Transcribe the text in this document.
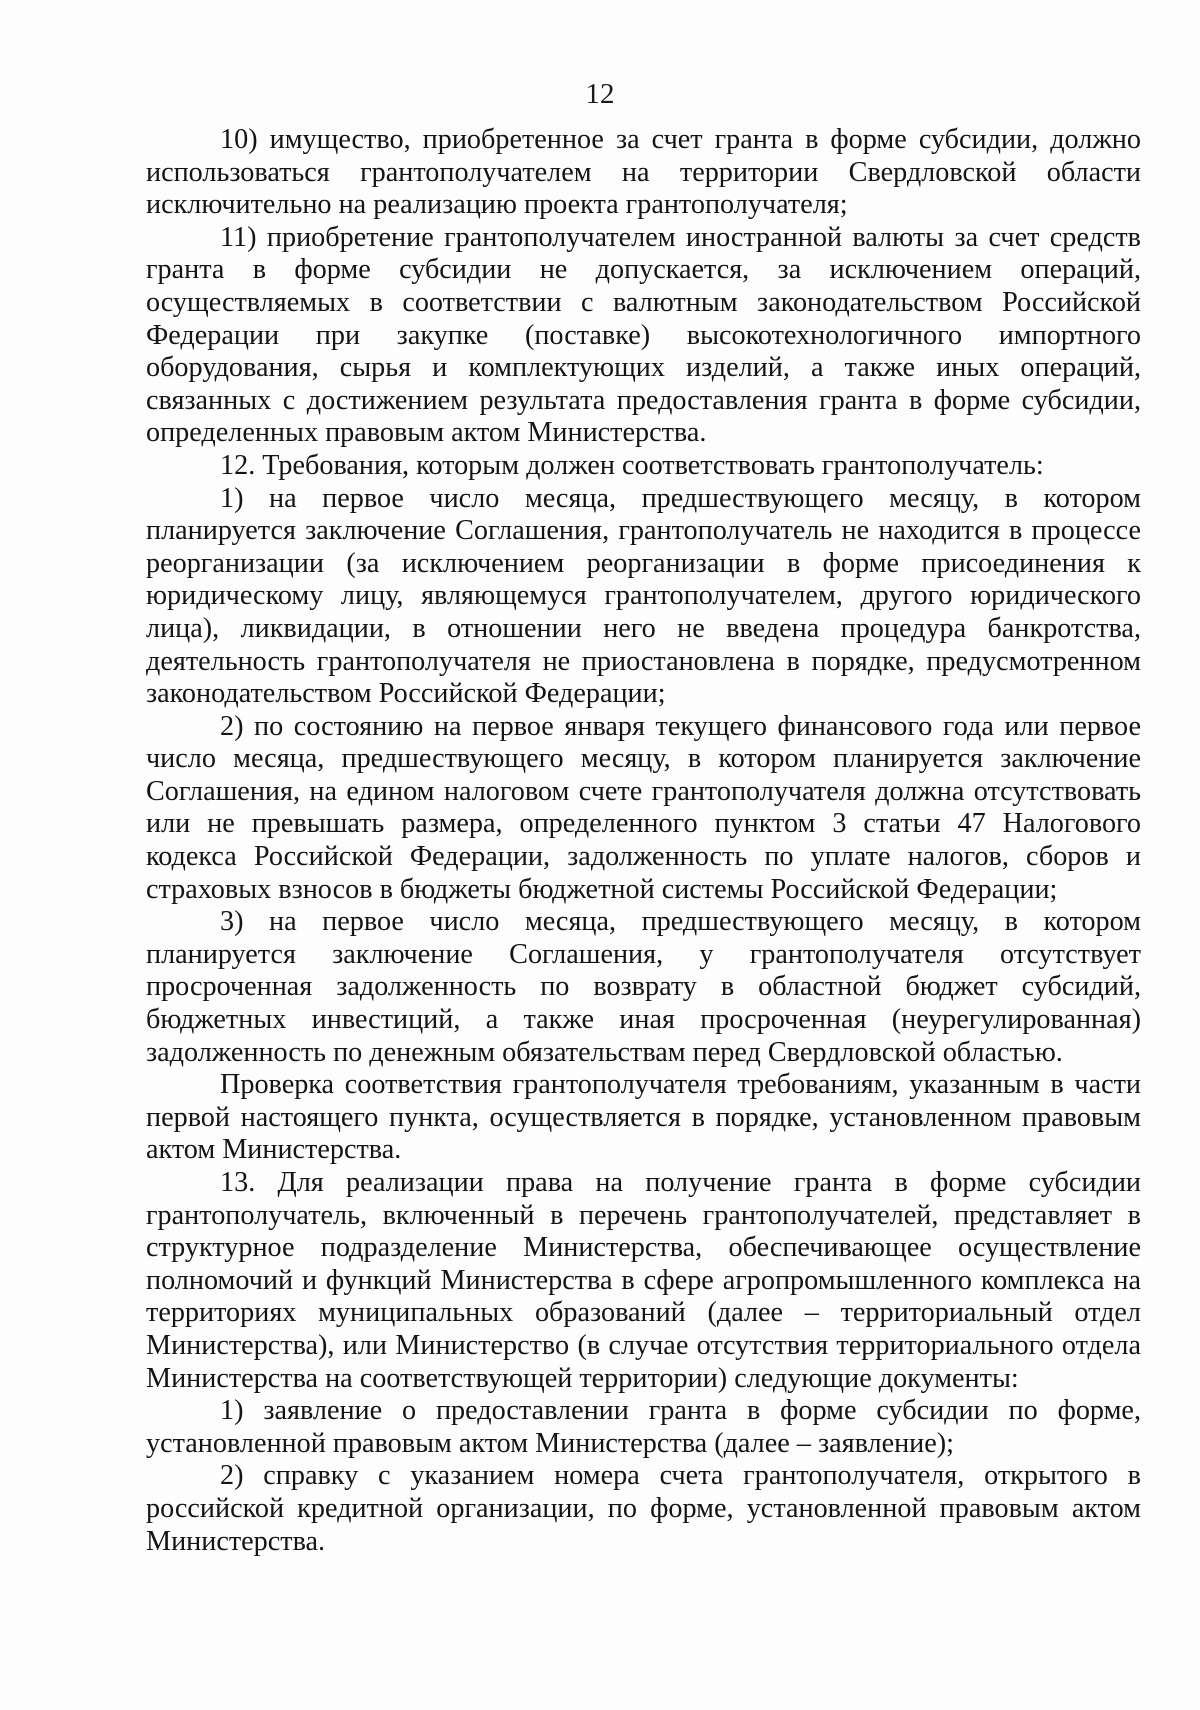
12

10) имущество, приобретенное за счет гранта в форме субсидии, должно использоваться грантополучателем на территории Свердловской области исключительно на реализацию проекта грантополучателя;

11) приобретение грантополучателем иностранной валюты за счет средств гранта в форме субсидии не допускается, за исключением операций, осуществляемых в соответствии с валютным законодательством Российской Федерации при закупке (поставке) высокотехнологичного импортного оборудования, сырья и комплектующих изделий, а также иных операций, связанных с достижением результата предоставления гранта в форме субсидии, определенных правовым актом Министерства.

12. Требования, которым должен соответствовать грантополучатель:

1) на первое число месяца, предшествующего месяцу, в котором планируется заключение Соглашения, грантополучатель не находится в процессе реорганизации (за исключением реорганизации в форме присоединения к юридическому лицу, являющемуся грантополучателем, другого юридического лица), ликвидации, в отношении него не введена процедура банкротства, деятельность грантополучателя не приостановлена в порядке, предусмотренном законодательством Российской Федерации;

2) по состоянию на первое января текущего финансового года или первое число месяца, предшествующего месяцу, в котором планируется заключение Соглашения, на едином налоговом счете грантополучателя должна отсутствовать или не превышать размера, определенного пунктом 3 статьи 47 Налогового кодекса Российской Федерации, задолженность по уплате налогов, сборов и страховых взносов в бюджеты бюджетной системы Российской Федерации;

3) на первое число месяца, предшествующего месяцу, в котором планируется заключение Соглашения, у грантополучателя отсутствует просроченная задолженность по возврату в областной бюджет субсидий, бюджетных инвестиций, а также иная просроченная (неурегулированная) задолженность по денежным обязательствам перед Свердловской областью.

Проверка соответствия грантополучателя требованиям, указанным в части первой настоящего пункта, осуществляется в порядке, установленном правовым актом Министерства.

13. Для реализации права на получение гранта в форме субсидии грантополучатель, включенный в перечень грантополучателей, представляет в структурное подразделение Министерства, обеспечивающее осуществление полномочий и функций Министерства в сфере агропромышленного комплекса на территориях муниципальных образований (далее – территориальный отдел Министерства), или Министерство (в случае отсутствия территориального отдела Министерства на соответствующей территории) следующие документы:

1) заявление о предоставлении гранта в форме субсидии по форме, установленной правовым актом Министерства (далее – заявление);

2) справку с указанием номера счета грантополучателя, открытого в российской кредитной организации, по форме, установленной правовым актом Министерства.
